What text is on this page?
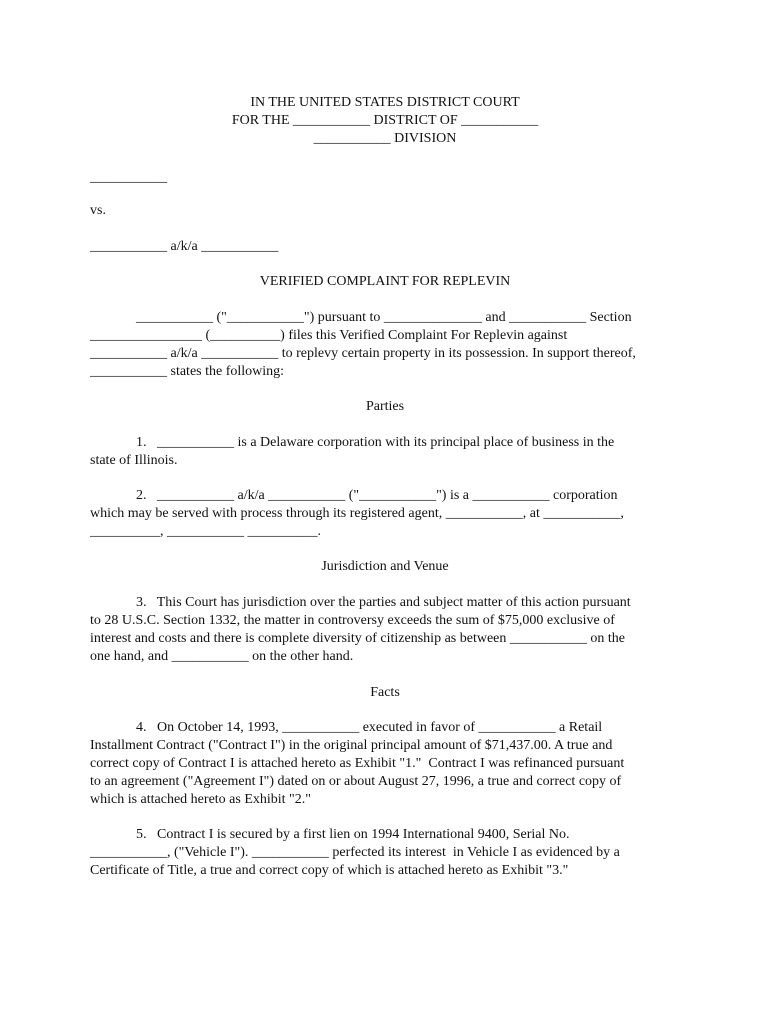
IN THE UNITED STATES DISTRICT COURT
FOR THE ___________ DISTRICT OF ___________
___________ DIVISION
___________
vs.
___________ a/k/a ___________
VERIFIED COMPLAINT FOR REPLEVIN
___________ ("___________") pursuant to ______________ and ___________ Section
________________ (__________) files this Verified Complaint For Replevin against
___________ a/k/a ___________ to replevy certain property in its possession. In support thereof,
___________ states the following:
Parties
1.   ___________ is a Delaware corporation with its principal place of business in the
state of Illinois.
2.   ___________ a/k/a ___________ ("___________") is a ___________ corporation
which may be served with process through its registered agent, ___________, at ___________,
__________, ___________ __________.
Jurisdiction and Venue
3.   This Court has jurisdiction over the parties and subject matter of this action pursuant
to 28 U.S.C. Section 1332, the matter in controversy exceeds the sum of $75,000 exclusive of
interest and costs and there is complete diversity of citizenship as between ___________ on the
one hand, and ___________ on the other hand.
Facts
4.   On October 14, 1993, ___________ executed in favor of ___________ a Retail
Installment Contract ("Contract I") in the original principal amount of $71,437.00. A true and
correct copy of Contract I is attached hereto as Exhibit "1."  Contract I was refinanced pursuant
to an agreement ("Agreement I") dated on or about August 27, 1996, a true and correct copy of
which is attached hereto as Exhibit "2."
5.   Contract I is secured by a first lien on 1994 International 9400, Serial No.
___________, ("Vehicle I"). ___________ perfected its interest  in Vehicle I as evidenced by a
Certificate of Title, a true and correct copy of which is attached hereto as Exhibit "3."
